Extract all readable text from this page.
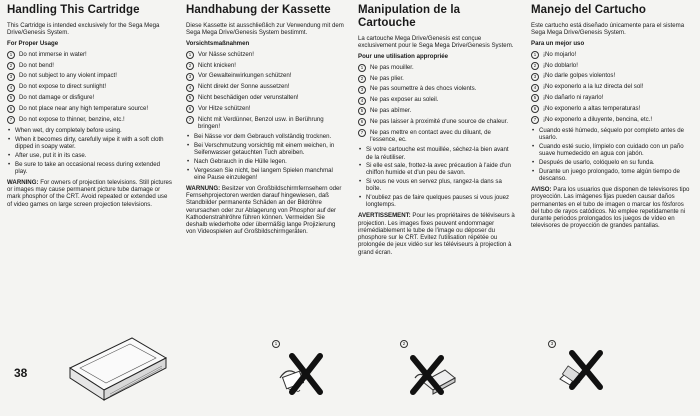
Handling This Cartridge

This Cartridge is intended exclusively for the Sega Mega Drive/Genesis System.

For Proper Usage
1	Do not immerse in water!
2	Do not bend!
3	Do not subject to any violent impact!
4	Do not expose to direct sunlight!
5	Do not damage or disfigure!
6	Do not place near any high temperature source!
7	Do not expose to thinner, benzine, etc.!
• When wet, dry completely before using.
• When it becomes dirty, carefully wipe it with a soft cloth dipped in soapy water.
• After use, put it in its case.
• Be sure to take an occasional recess during extended play.

WARNING: For owners of projection televisions. Still pictures or images may cause permanent picture tube damage or mark phosphor of the CRT. Avoid repeated or extended use of video games on large screen projection televisions.

Handhabung der Kassette

Diese Kassette ist ausschließlich zur Verwendung mit dem Sega Mega Drive/Genesis System bestimmt.

Vorsichtsmaßnahmen
1	Vor Nässe schützen!
2	Nicht knicken!
3	Vor Gewalteinwirkungen schützen!
4	Nicht direkt der Sonne aussetzen!
5	Nicht beschädigen oder verunstalten!
6	Vor Hitze schützen!
7	Nicht mit Verdünner, Benzol usw. in Berührung bringen!
• Bei Nässe vor dem Gebrauch vollständig trocknen.
• Bei Verschmutzung vorsichtig mit einem weichen, in Seifenwasser getauchten Tuch abreiben.
• Nach Gebrauch in die Hülle legen.
• Vergessen Sie nicht, bei langem Spielen manchmal eine Pause einzulegen!

WARNUNG: Besitzer von Großbildschirmfernsehern oder Fernsehprojectoren werden darauf hingewiesen, daß Standbilder permanente Schäden an der Bildröhre verursachen oder zur Ablagerung von Phosphor auf der Kathodenstrahlröhre führen können. Vermeiden Sie deshalb wiederholte oder übermäßig lange Projizierung von Videospielen auf Großbildschirmgeräten.

Manipulation de la Cartouche

La cartouche Mega Drive/Genesis est conçue exclusivement pour le Sega Mega Drive/Genesis System.

Pour une utilisation appropriée
1	Ne pas mouiller.
2	Ne pas plier.
3	Ne pas soumettre à des chocs violents.
4	Ne pas exposer au soleil.
5	Ne pas abîmer.
6	Ne pas laisser à proximité d'une source de chaleur.
7	Ne pas mettre en contact avec du diluant, de l'essence, ec.
• Si votre cartouche est mouillée, séchez-la bien avant de la réutiliser.
• Si elle est sale, frottez-la avec précaution à l'aide d'un chiffon humide et d'un peu de savon.
• Si vous ne vous en servez plus, rangez-la dans sa boîte.
• N'oubliez pas de faire quelques pauses si vous jouez longtemps.

AVERTISSEMENT: Pour les propriétaires de téléviseurs à projection. Les images fixes peuvent endommager irrémédiablement le tube de l'image ou déposer du phosphore sur le CRT. Evitez l'utilisation répétée ou prolongée de jeux vidéo sur les téléviseurs à projection à grand écran.

Manejo del Cartucho

Este cartucho está diseñado únicamente para el sistema Sega Mega Drive/Genesis System.

Para un mejor uso
1	¡No mojarlo!
2	¡No doblarlo!
3	¡No darle golpes violentos!
4	¡No exponerlo a la luz directa del sol!
5	¡No dañarlo ni rayarlo!
6	¡No exponerlo a altas temperaturas!
7	¡No exponerlo a diluyente, bencina, etc.!
• Cuando esté húmedo, séquelo por completo antes de usarlo.
• Cuando esté sucio, límpielo con cuidado con un paño suave humedecido en agua con jabón.
• Después de usarlo, colóquelo en su funda.
• Durante un juego prolongado, tome algún tiempo de descanso.

AVISO: Para los usuarios que disponen de televisores tipo proyección. Las imágenes fijas pueden causar daños permanentes en el tubo de imagen o marcar los fósforos del tubo de rayos catódicos. No emplee repetidamente ni durante periodos prolongados los juegos de vídeo en televisores de proyección de grandes pantallas.

38
1	2	3
